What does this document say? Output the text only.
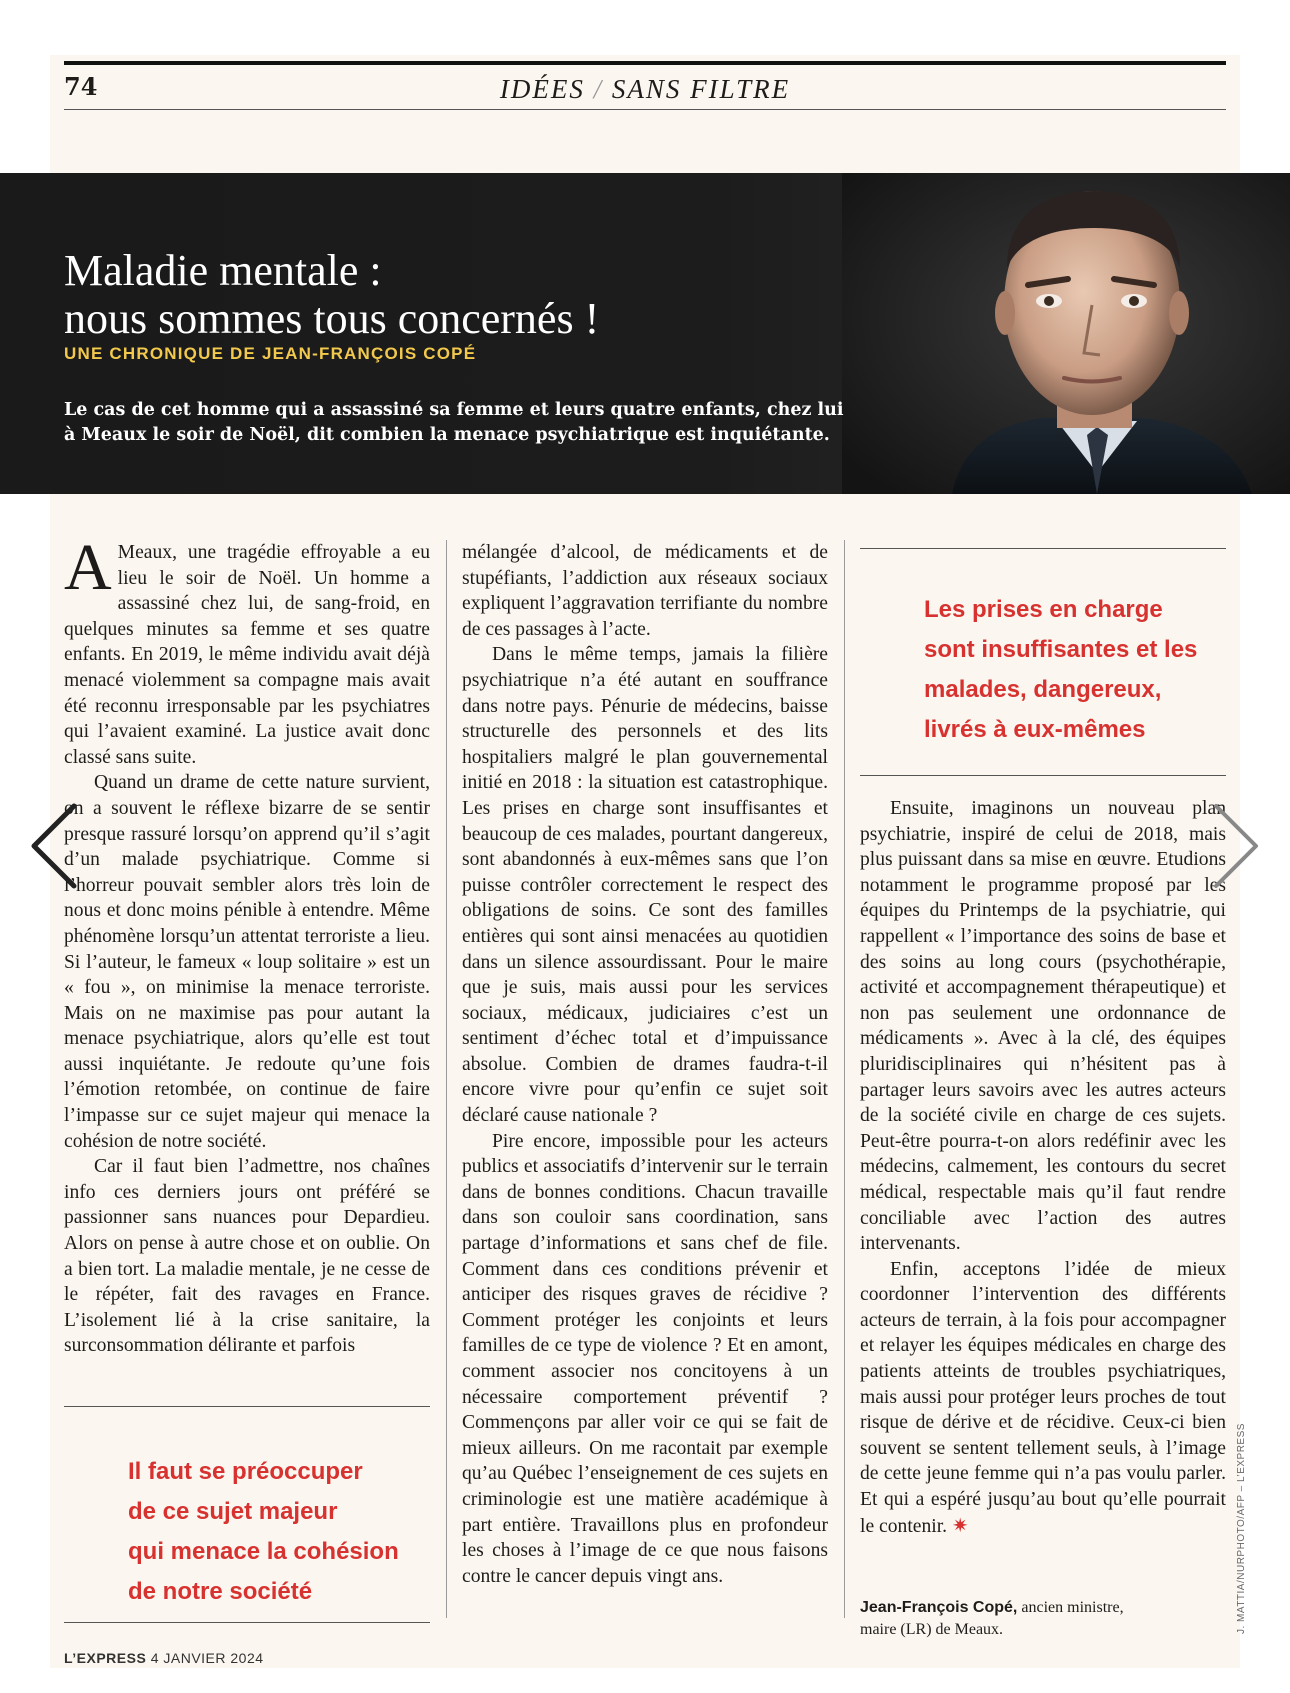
74	IDÉES / SANS FILTRE
Maladie mentale :
nous sommes tous concernés !
UNE CHRONIQUE DE JEAN-FRANÇOIS COPÉ
Le cas de cet homme qui a assassiné sa femme et leurs quatre enfants, chez lui à Meaux le soir de Noël, dit combien la menace psychiatrique est inquiétante.

A Meaux, une tragédie effroyable a eu lieu le soir de Noël. Un homme a assassiné chez lui, de sang-froid, en quelques minutes sa femme et ses quatre enfants. En 2019, le même individu avait déjà menacé violemment sa compagne mais avait été reconnu irresponsable par les psychiatres qui l’avaient examiné. La justice avait donc classé sans suite.

Quand un drame de cette nature survient, on a souvent le réflexe bizarre de se sentir presque rassuré lorsqu’on apprend qu’il s’agit d’un malade psychiatrique. Comme si l’horreur pouvait sembler alors très loin de nous et donc moins pénible à entendre. Même phénomène lorsqu’un attentat terroriste a lieu. Si l’auteur, le fameux « loup solitaire » est un « fou », on minimise la menace terroriste. Mais on ne maximise pas pour autant la menace psychiatrique, alors qu’elle est tout aussi inquiétante. Je redoute qu’une fois l’émotion retombée, on continue de faire l’impasse sur ce sujet majeur qui menace la cohésion de notre société.

Car il faut bien l’admettre, nos chaînes info ces derniers jours ont préféré se passionner sans nuances pour Depardieu. Alors on pense à autre chose et on oublie. On a bien tort. La maladie mentale, je ne cesse de le répéter, fait des ravages en France. L’isolement lié à la crise sanitaire, la surconsommation délirante et parfois

mélangée d’alcool, de médicaments et de stupéfiants, l’addiction aux réseaux sociaux expliquent l’aggravation terrifiante du nombre de ces passages à l’acte.

Dans le même temps, jamais la filière psychiatrique n’a été autant en souffrance dans notre pays. Pénurie de médecins, baisse structurelle des personnels et des lits hospitaliers malgré le plan gouvernemental initié en 2018 : la situation est catastrophique. Les prises en charge sont insuffisantes et beaucoup de ces malades, pourtant dangereux, sont abandonnés à eux-mêmes sans que l’on puisse contrôler correctement le respect des obligations de soins. Ce sont des familles entières qui sont ainsi menacées au quotidien dans un silence assourdissant. Pour le maire que je suis, mais aussi pour les services sociaux, médicaux, judiciaires c’est un sentiment d’échec total et d’impuissance absolue. Combien de drames faudra-t-il encore vivre pour qu’enfin ce sujet soit déclaré cause nationale ?

Pire encore, impossible pour les acteurs publics et associatifs d’intervenir sur le terrain dans de bonnes conditions. Chacun travaille dans son couloir sans coordination, sans partage d’informations et sans chef de file. Comment dans ces conditions prévenir et anticiper des risques graves de récidive ? Comment protéger les conjoints et leurs familles de ce type de violence ? Et en amont, comment associer nos concitoyens à un nécessaire comportement préventif ? Commençons par aller voir ce qui se fait de mieux ailleurs. On me racontait par exemple qu’au Québec l’enseignement de ces sujets en criminologie est une matière académique à part entière. Travaillons plus en profondeur les choses à l’image de ce que nous faisons contre le cancer depuis vingt ans.

Il faut se préoccuper
de ce sujet majeur
qui menace la cohésion
de notre société
Les prises en charge
sont insuffisantes et les
malades, dangereux,
livrés à eux-mêmes

Ensuite, imaginons un nouveau plan psychiatrie, inspiré de celui de 2018, mais plus puissant dans sa mise en œuvre. Etudions notamment le programme proposé par les équipes du Printemps de la psychiatrie, qui rappellent « l’importance des soins de base et des soins au long cours (psychothérapie, activité et accompagnement thérapeutique) et non pas seulement une ordonnance de médicaments ». Avec à la clé, des équipes pluridisciplinaires qui n’hésitent pas à partager leurs savoirs avec les autres acteurs de la société civile en charge de ces sujets. Peut-être pourra-t-on alors redéfinir avec les médecins, calmement, les contours du secret médical, respectable mais qu’il faut rendre conciliable avec l’action des autres intervenants.

Enfin, acceptons l’idée de mieux coordonner l’intervention des différents acteurs de terrain, à la fois pour accompagner et relayer les équipes médicales en charge des patients atteints de troubles psychiatriques, mais aussi pour protéger leurs proches de tout risque de dérive et de récidive. Ceux-ci bien souvent se sentent tellement seuls, à l’image de cette jeune femme qui n’a pas voulu parler. Et qui a espéré jusqu’au bout qu’elle pourrait le contenir. ✷

Jean-François Copé, ancien ministre,
maire (LR) de Meaux.	J. MATTIA/NURPHOTO/AFP – L’EXPRESS
L’EXPRESS 4 JANVIER 2024
